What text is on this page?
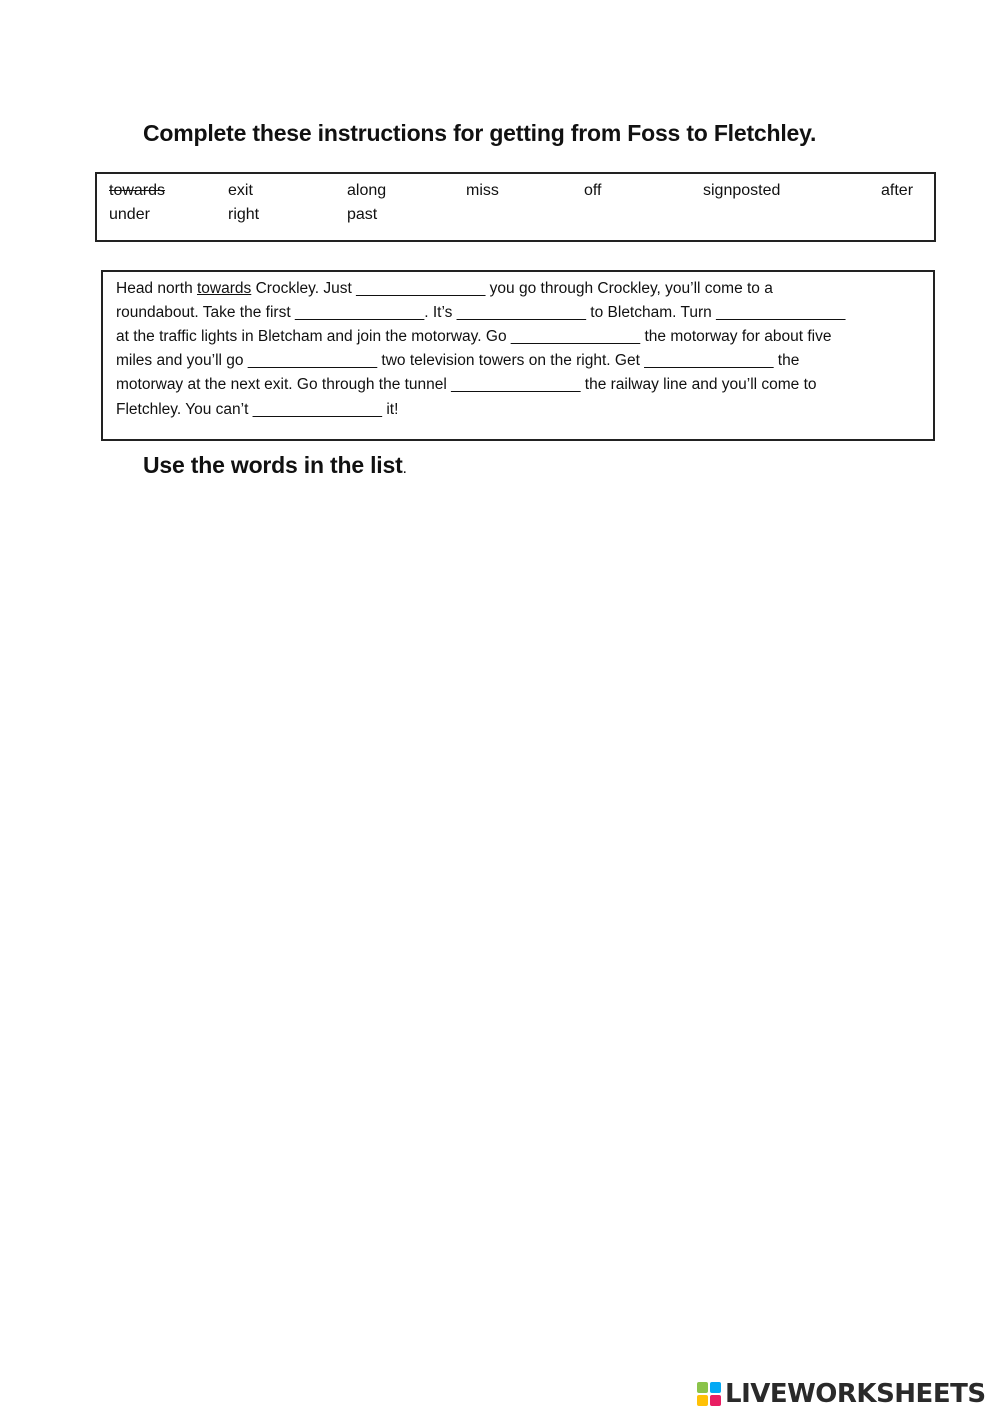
Complete these instructions for getting from Foss to Fletchley.
towards	exit	along	miss	off	signposted	after
under	right	past
Head north towards Crockley. Just _______________ you go through Crockley, you’ll come to a
roundabout. Take the first _______________. It’s _______________ to Bletcham. Turn _______________
at the traffic lights in Bletcham and join the motorway. Go _______________ the motorway for about five
miles and you’ll go _______________ two television towers on the right. Get _______________ the
motorway at the next exit. Go through the tunnel _______________ the railway line and you’ll come to
Fletchley. You can’t _______________ it!
Use the words in the list.
LIVEWORKSHEETS
